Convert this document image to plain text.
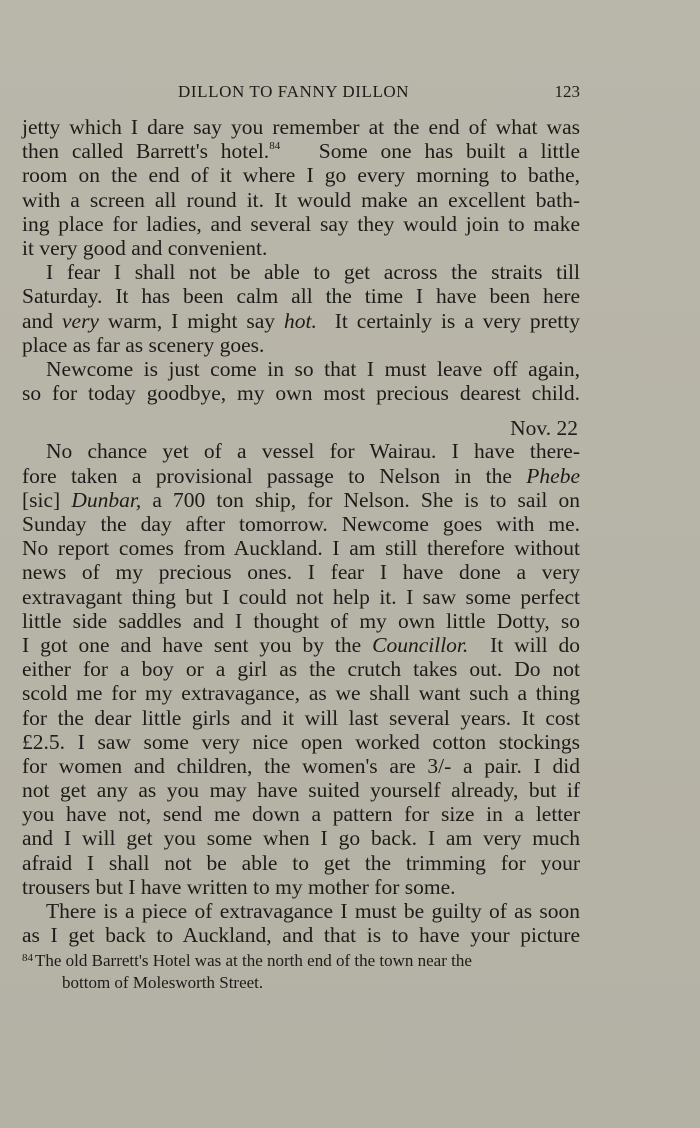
DILLON TO FANNY DILLON	123
jetty which I dare say you remember at the end of what was
then called Barrett's hotel.$^{84}$ Some one has built a little
room on the end of it where I go every morning to bathe,
with a screen all round it. It would make an excellent bath-
ing place for ladies, and several say they would join to make
it very good and convenient.
I fear I shall not be able to get across the straits till
Saturday. It has been calm all the time I have been here
and very warm, I might say hot. It certainly is a very pretty
place as far as scenery goes.
Newcome is just come in so that I must leave off again,
so for today goodbye, my own most precious dearest child.
Nov. 22
No chance yet of a vessel for Wairau. I have there-
fore taken a provisional passage to Nelson in the Phebe
[sic] Dunbar, a 700 ton ship, for Nelson. She is to sail on
Sunday the day after tomorrow. Newcome goes with me.
No report comes from Auckland. I am still therefore without
news of my precious ones. I fear I have done a very
extravagant thing but I could not help it. I saw some perfect
little side saddles and I thought of my own little Dotty, so
I got one and have sent you by the Councillor. It will do
either for a boy or a girl as the crutch takes out. Do not
scold me for my extravagance, as we shall want such a thing
for the dear little girls and it will last several years. It cost
£2.5. I saw some very nice open worked cotton stockings
for women and children, the women's are 3/- a pair. I did
not get any as you may have suited yourself already, but if
you have not, send me down a pattern for size in a letter
and I will get you some when I go back. I am very much
afraid I shall not be able to get the trimming for your
trousers but I have written to my mother for some.
There is a piece of extravagance I must be guilty of as soon
as I get back to Auckland, and that is to have your picture
$^{84}$ The old Barrett's Hotel was at the north end of the town near the
bottom of Molesworth Street.
